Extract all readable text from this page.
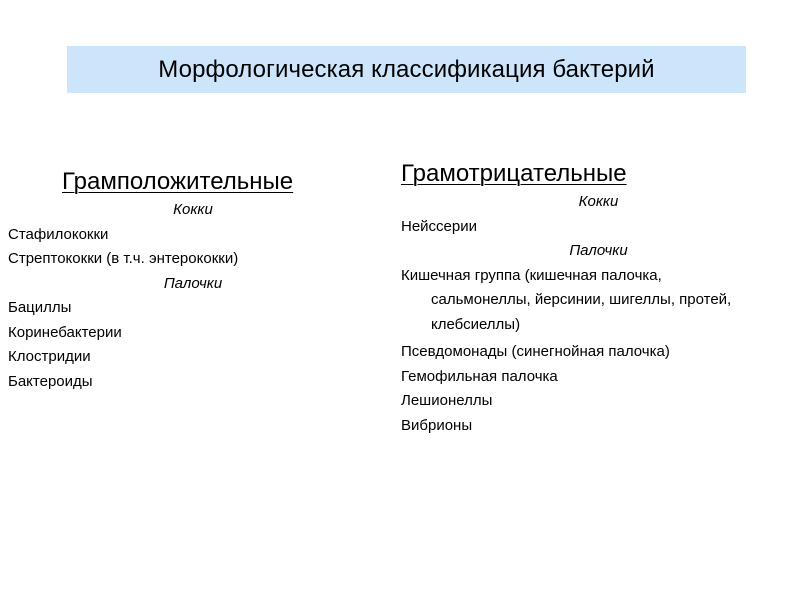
Морфологическая классификация бактерий
Грамположительные
Кокки
Стафилококки
Стрептококки (в т.ч. энтерококки)
Палочки
Бациллы
Коринебактерии
Клостридии
Бактероиды
Грамотрицательные
Кокки
Нейссерии
Палочки
Кишечная группа (кишечная палочка, сальмонеллы, йерсинии, шигеллы, протей, клебсиеллы)
Псевдомонады (синегнойная палочка)
Гемофильная палочка
Лешионеллы
Вибрионы
